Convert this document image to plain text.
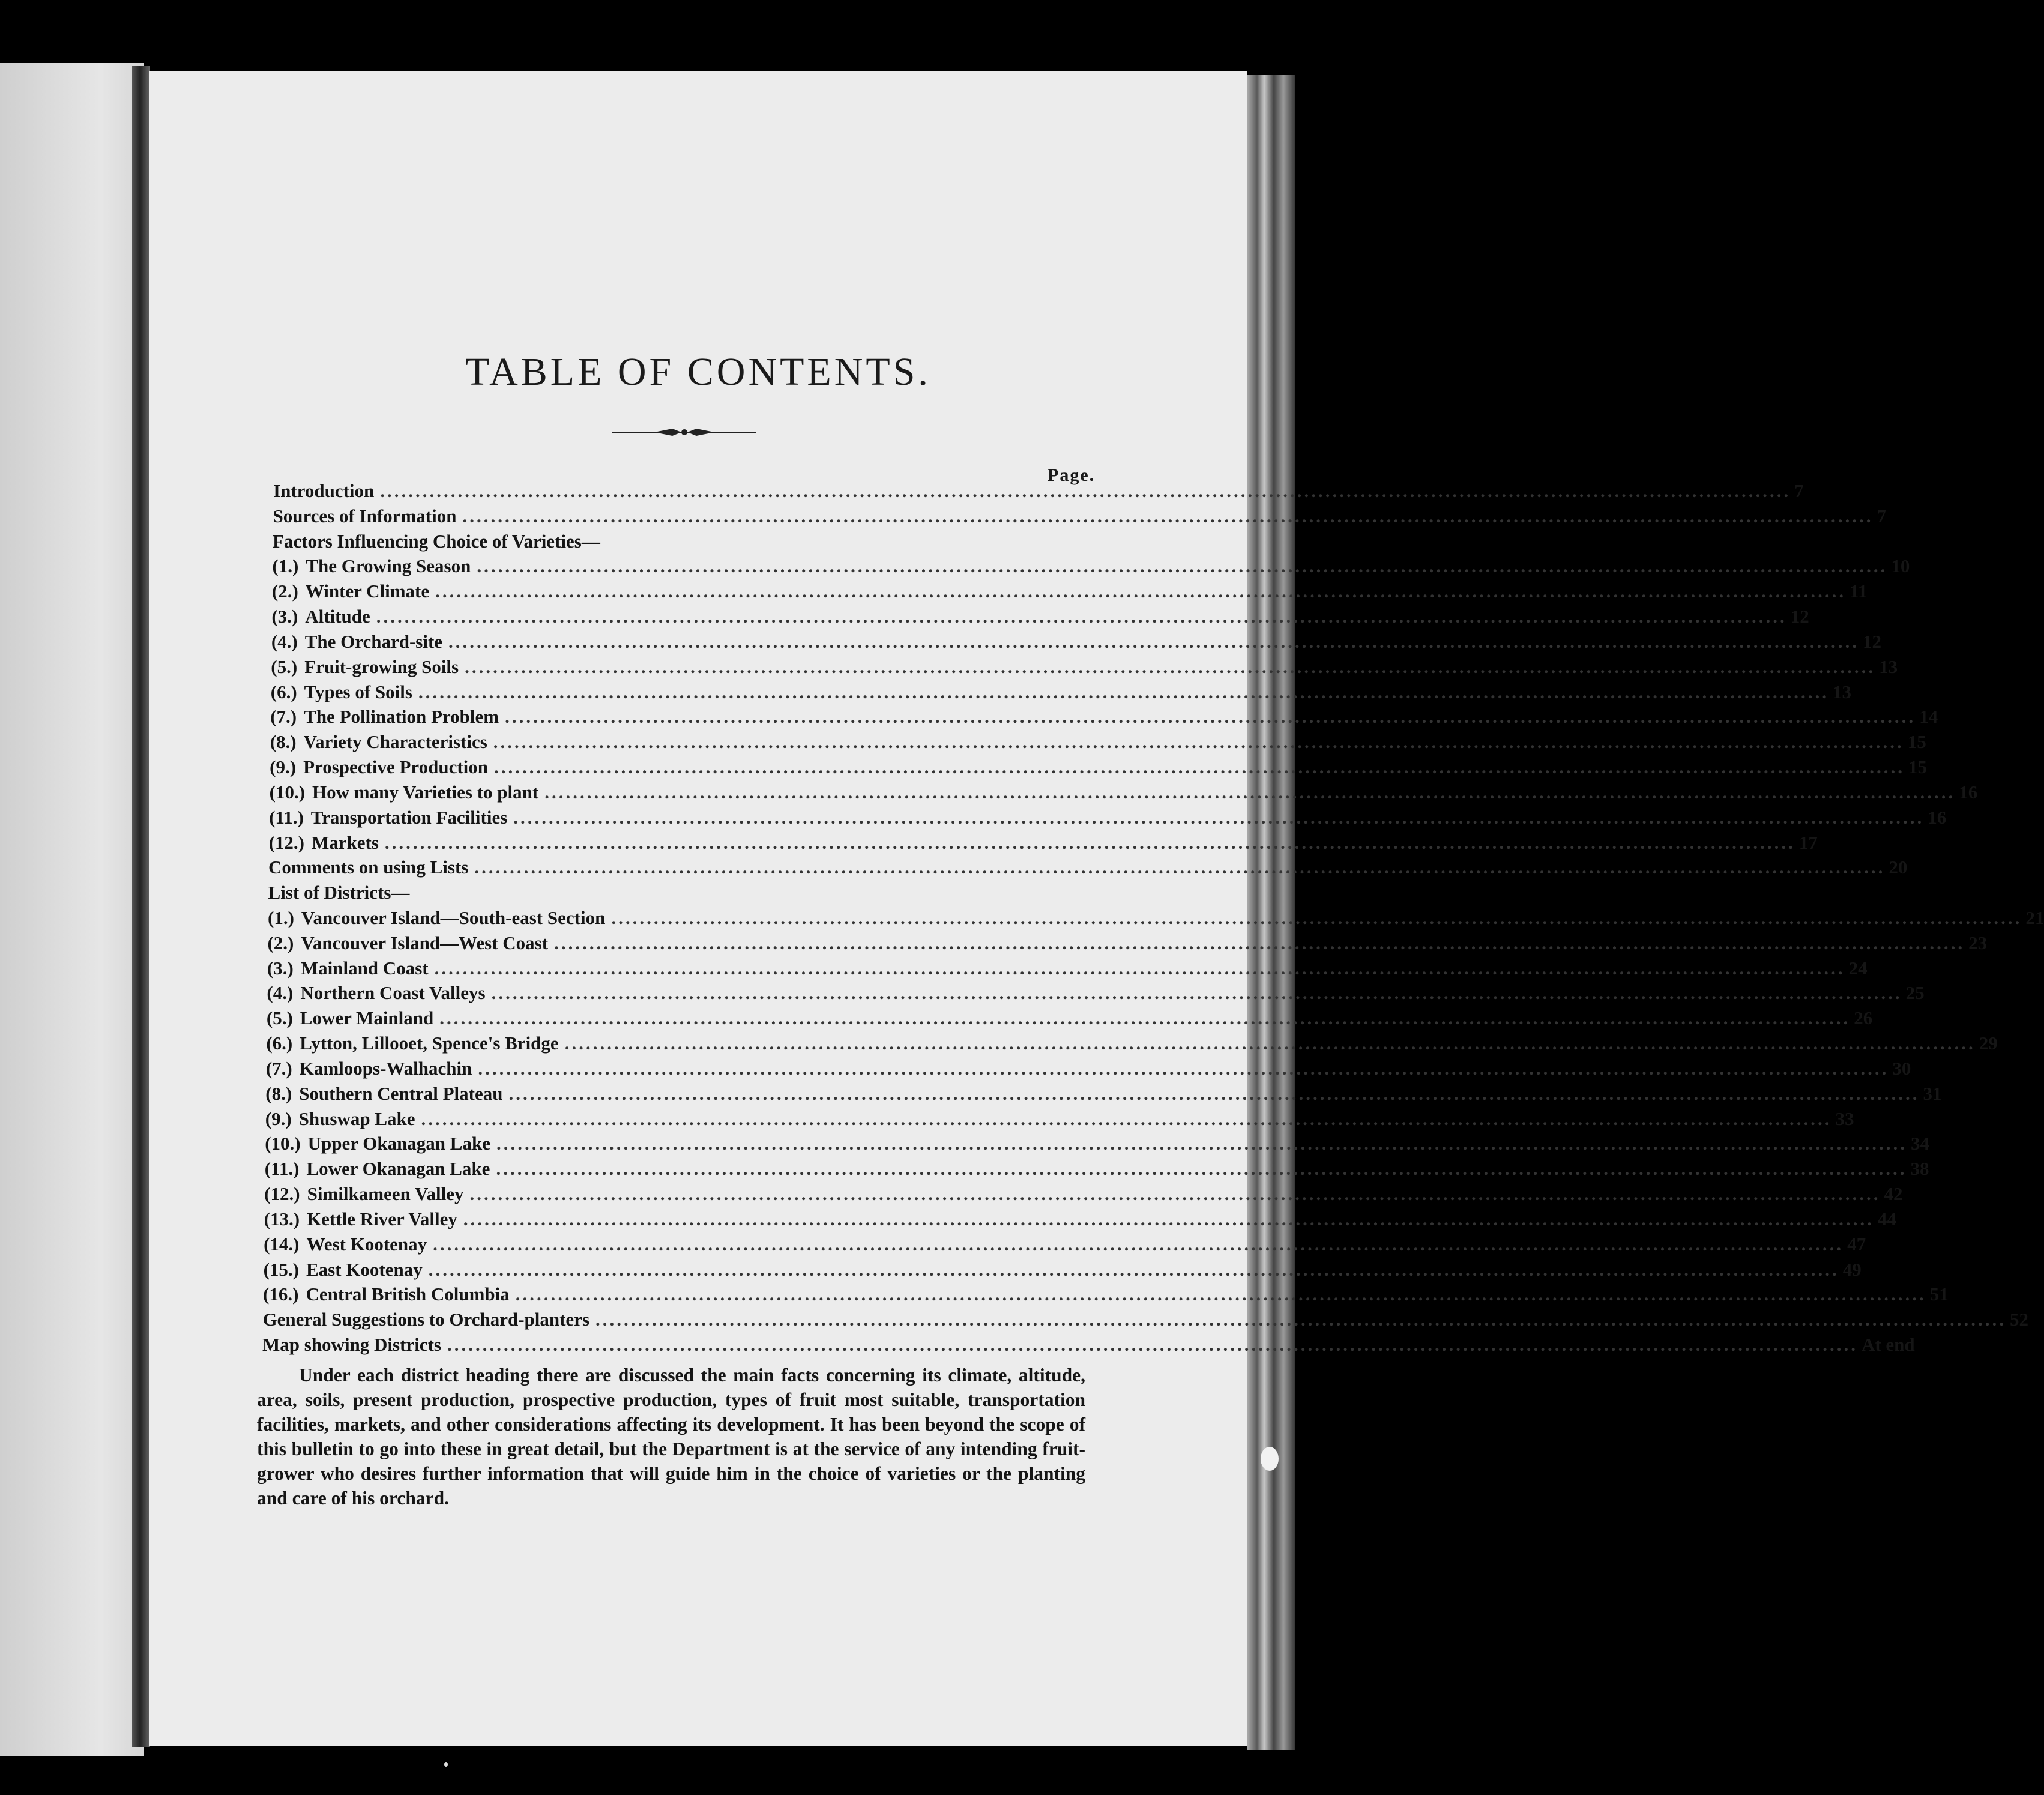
TABLE OF CONTENTS.
Page.
Introduction ........................................................................................................................................................................................................ 7
Sources of Information ........................................................................................................................................................................................................ 7
Factors Influencing Choice of Varieties—
(1.) The Growing Season ........................................................................................................................................................................................................ 10
(2.) Winter Climate ........................................................................................................................................................................................................ 11
(3.) Altitude ........................................................................................................................................................................................................ 12
(4.) The Orchard-site ........................................................................................................................................................................................................ 12
(5.) Fruit-growing Soils ........................................................................................................................................................................................................ 13
(6.) Types of Soils ........................................................................................................................................................................................................ 13
(7.) The Pollination Problem ........................................................................................................................................................................................................ 14
(8.) Variety Characteristics ........................................................................................................................................................................................................ 15
(9.) Prospective Production ........................................................................................................................................................................................................ 15
(10.) How many Varieties to plant ........................................................................................................................................................................................................ 16
(11.) Transportation Facilities ........................................................................................................................................................................................................ 16
(12.) Markets ........................................................................................................................................................................................................ 17
Comments on using Lists ........................................................................................................................................................................................................ 20
List of Districts—
(1.) Vancouver Island—South-east Section ........................................................................................................................................................................................................ 21
(2.) Vancouver Island—West Coast ........................................................................................................................................................................................................ 23
(3.) Mainland Coast ........................................................................................................................................................................................................ 24
(4.) Northern Coast Valleys ........................................................................................................................................................................................................ 25
(5.) Lower Mainland ........................................................................................................................................................................................................ 26
(6.) Lytton, Lillooet, Spence's Bridge ........................................................................................................................................................................................................ 29
(7.) Kamloops-Walhachin ........................................................................................................................................................................................................ 30
(8.) Southern Central Plateau ........................................................................................................................................................................................................ 31
(9.) Shuswap Lake ........................................................................................................................................................................................................ 33
(10.) Upper Okanagan Lake ........................................................................................................................................................................................................ 34
(11.) Lower Okanagan Lake ........................................................................................................................................................................................................ 38
(12.) Similkameen Valley ........................................................................................................................................................................................................ 42
(13.) Kettle River Valley ........................................................................................................................................................................................................ 44
(14.) West Kootenay ........................................................................................................................................................................................................ 47
(15.) East Kootenay ........................................................................................................................................................................................................ 49
(16.) Central British Columbia ........................................................................................................................................................................................................ 51
General Suggestions to Orchard-planters ........................................................................................................................................................................................................ 52
Map showing Districts ........................................................................................................................................................................................................ At end
Under each district heading there are discussed the main facts concerning its climate, altitude, area, soils, present production, prospective production, types of fruit most suitable, transportation facilities, markets, and other considerations affecting its development. It has been beyond the scope of this bulletin to go into these in great detail, but the Department is at the service of any intending fruit-grower who desires further information that will guide him in the choice of varieties or the planting and care of his orchard.
